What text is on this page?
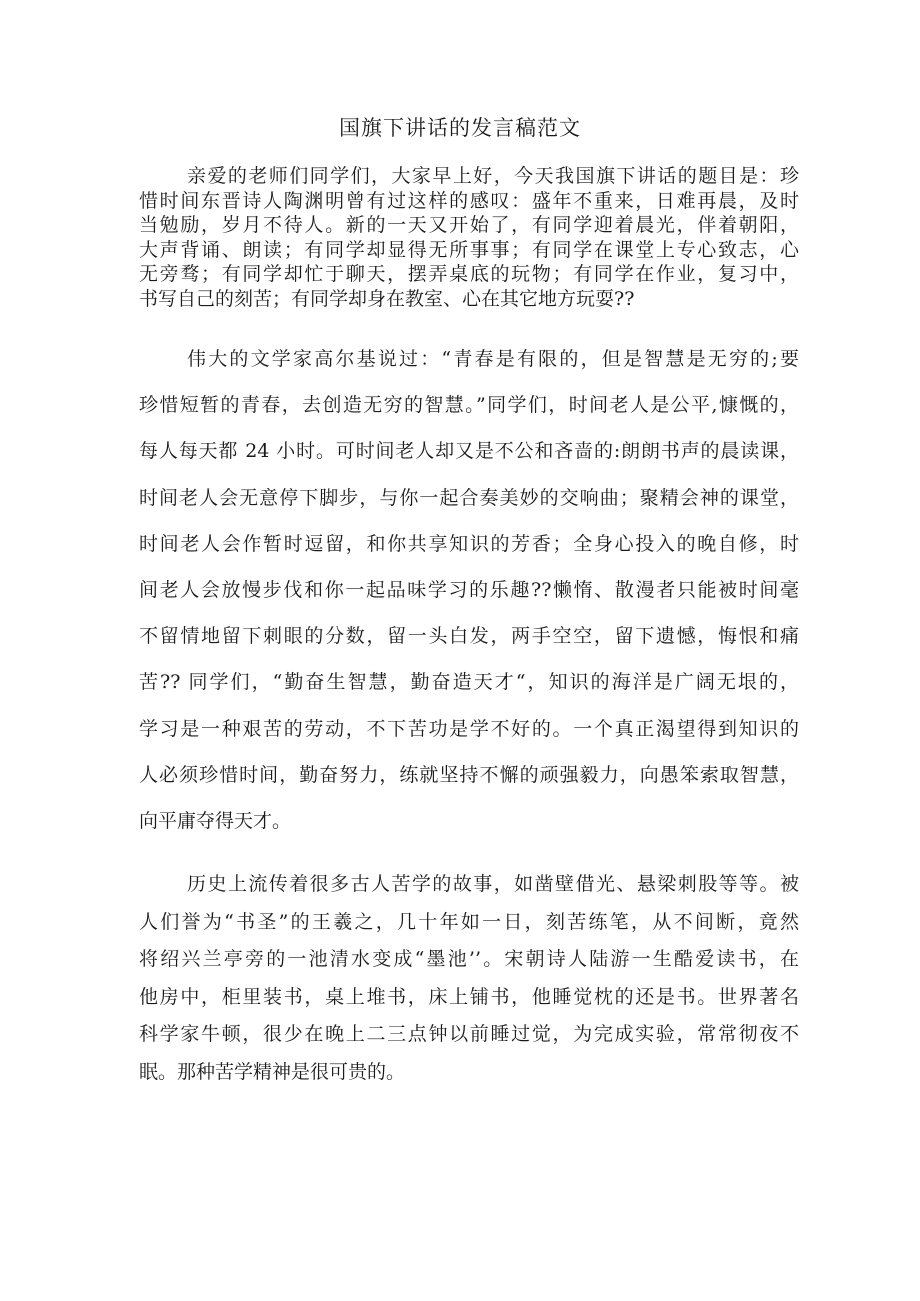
国旗下讲话的发言稿范文
亲爱的老师们同学们，大家早上好，今天我国旗下讲话的题目是：珍
惜时间东晋诗人陶渊明曾有过这样的感叹：盛年不重来，日难再晨，及时
当勉励，岁月不待人。新的一天又开始了，有同学迎着晨光，伴着朝阳，
大声背诵、朗读；有同学却显得无所事事；有同学在课堂上专心致志，心
无旁骛；有同学却忙于聊天，摆弄桌底的玩物；有同学在作业，复习中，
书写自己的刻苦；有同学却身在教室、心在其它地方玩耍??
伟大的文学家高尔基说过：“青春是有限的，但是智慧是无穷的;要
珍惜短暂的青春，去创造无穷的智慧。”同学们，时间老人是公平,慷慨的，
每人每天都 24 小时。可时间老人却又是不公和吝啬的:朗朗书声的晨读课，
时间老人会无意停下脚步，与你一起合奏美妙的交响曲；聚精会神的课堂，
时间老人会作暂时逗留，和你共享知识的芳香；全身心投入的晚自修，时
间老人会放慢步伐和你一起品味学习的乐趣??懒惰、散漫者只能被时间毫
不留情地留下刺眼的分数，留一头白发，两手空空，留下遗憾，悔恨和痛
苦?? 同学们，“勤奋生智慧，勤奋造天才“，知识的海洋是广阔无垠的，
学习是一种艰苦的劳动，不下苦功是学不好的。一个真正渴望得到知识的
人必须珍惜时间，勤奋努力，练就坚持不懈的顽强毅力，向愚笨索取智慧，
向平庸夺得天才。
历史上流传着很多古人苦学的故事，如凿壁借光、悬梁刺股等等。被
人们誉为“书圣”的王羲之，几十年如一日，刻苦练笔，从不间断，竟然
将绍兴兰亭旁的一池清水变成“墨池’’。宋朝诗人陆游一生酷爱读书，在
他房中，柜里装书，桌上堆书，床上铺书，他睡觉枕的还是书。世界著名
科学家牛顿，很少在晚上二三点钟以前睡过觉，为完成实验，常常彻夜不
眠。那种苦学精神是很可贵的。
